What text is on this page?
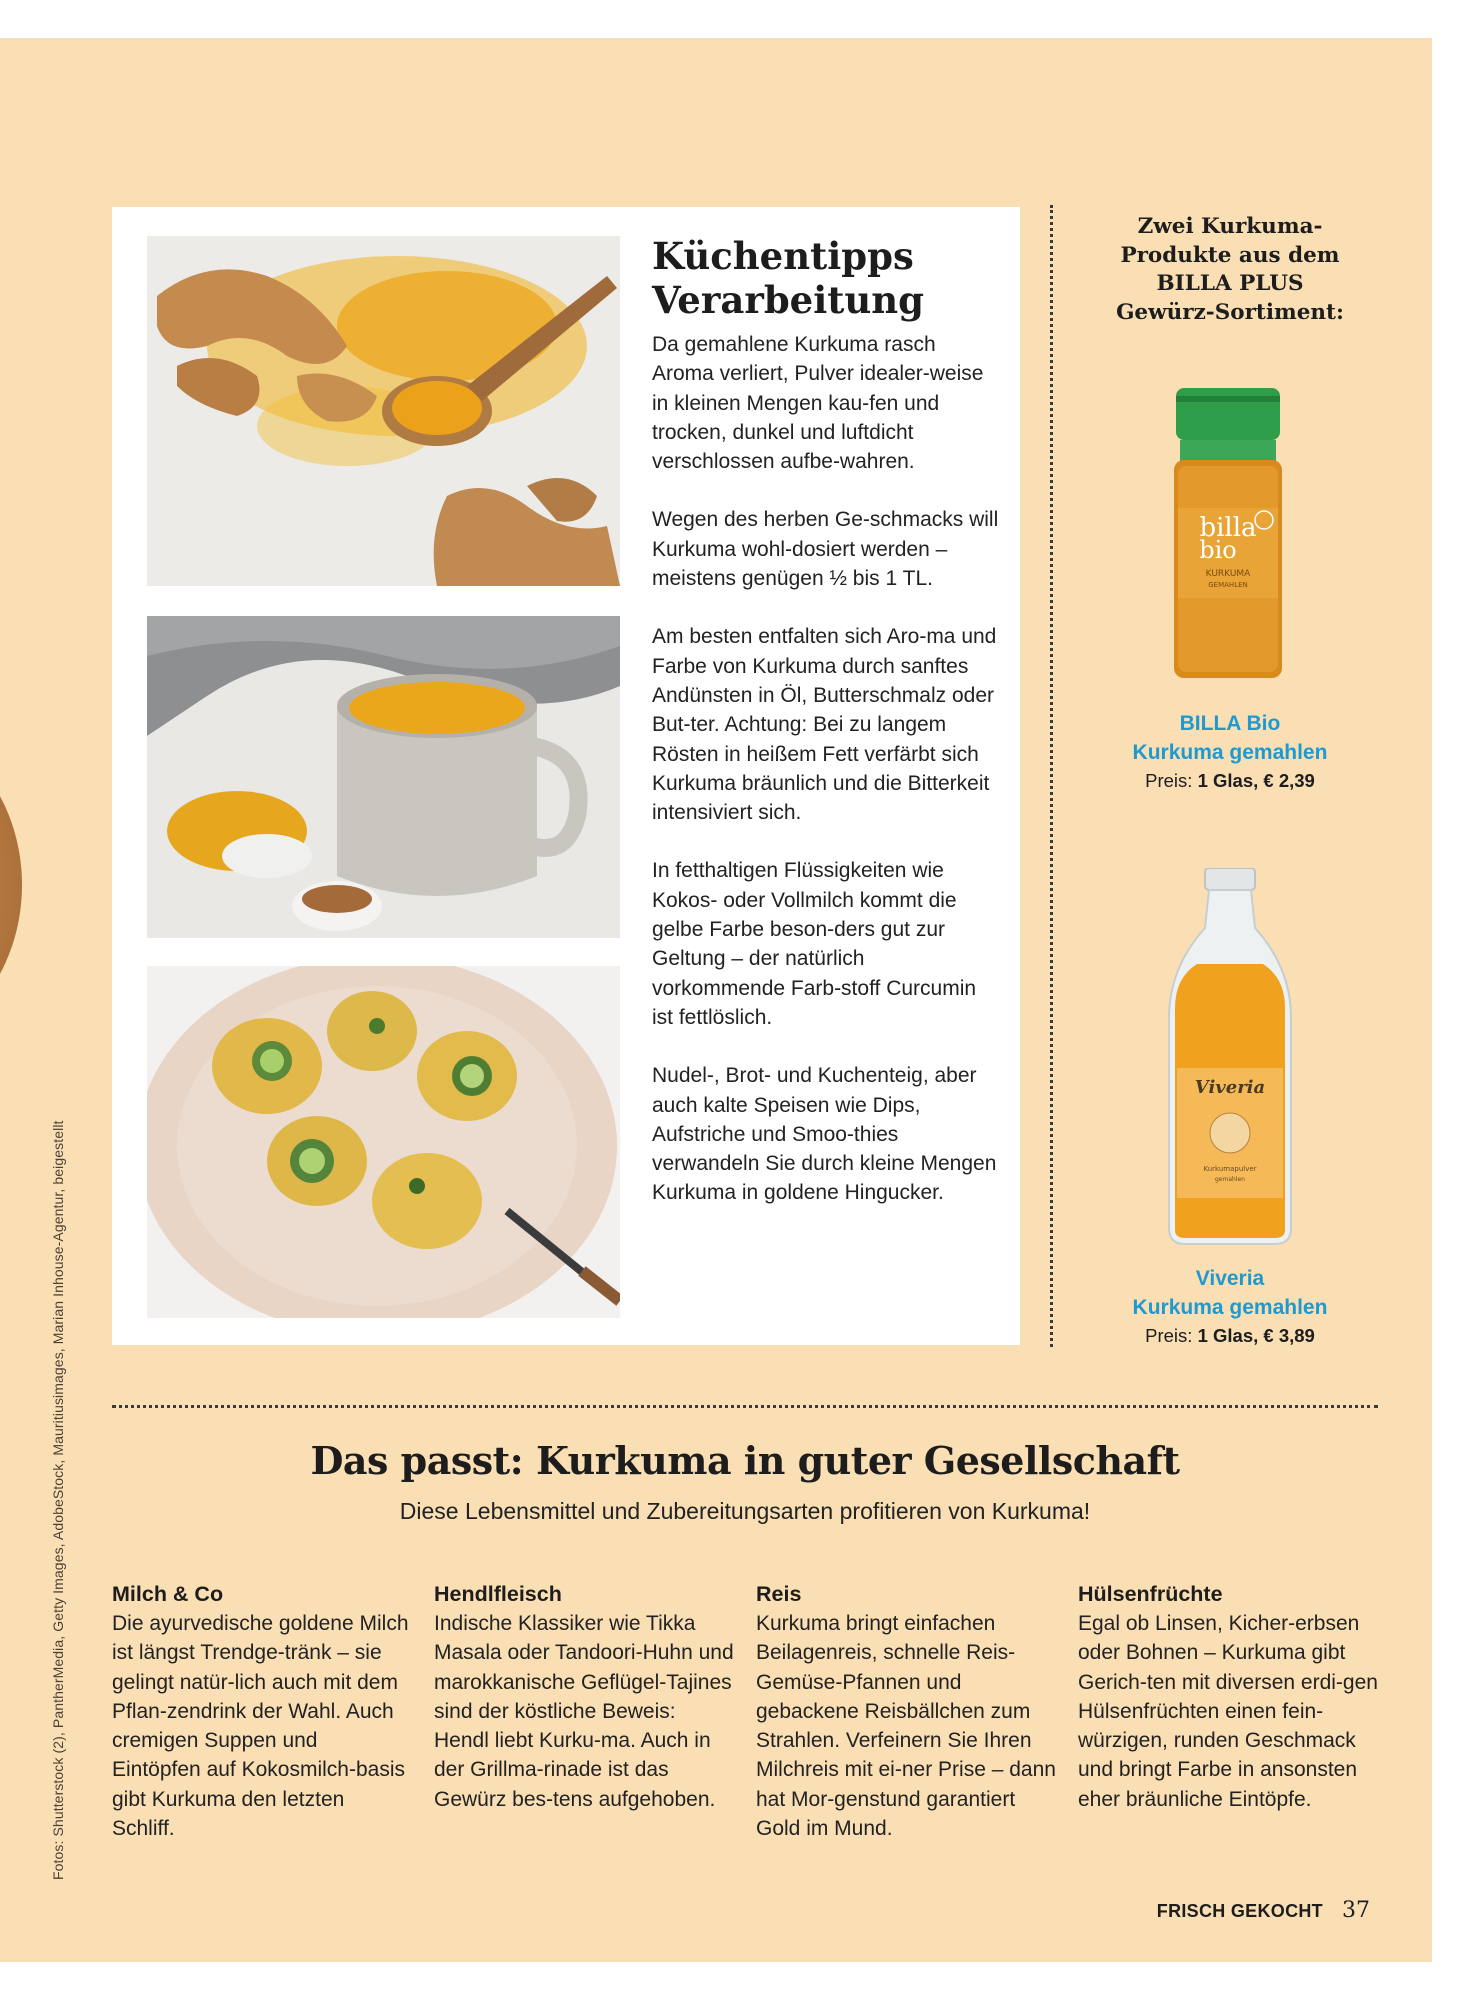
Fotos: Shutterstock (2), PantherMedia, Getty Images, AdobeStock, Mauritiusimages, Marian Inhouse-Agentur, beigestellt
Küchentipps
Verarbeitung

Da gemahlene Kurkuma rasch Aroma verliert, Pulver idealer-weise in kleinen Mengen kau-fen und trocken, dunkel und luftdicht verschlossen aufbe-wahren.

Wegen des herben Ge-schmacks will Kurkuma wohl-dosiert werden – meistens genügen ½ bis 1 TL.

Am besten entfalten sich Aro-ma und Farbe von Kurkuma durch sanftes Andünsten in Öl, Butterschmalz oder But-ter. Achtung: Bei zu langem Rösten in heißem Fett verfärbt sich Kurkuma bräunlich und die Bitterkeit intensiviert sich.

In fetthaltigen Flüssigkeiten wie Kokos- oder Vollmilch kommt die gelbe Farbe beson-ders gut zur Geltung – der natürlich vorkommende Farb-stoff Curcumin ist fettlöslich.

Nudel-, Brot- und Kuchenteig, aber auch kalte Speisen wie Dips, Aufstriche und Smoo-thies verwandeln Sie durch kleine Mengen Kurkuma in goldene Hingucker.

Zwei Kurkuma-
Produkte aus dem
BILLA PLUS
Gewürz-Sortiment:
billa
bio
KURKUMA
GEMAHLEN
BILLA Bio
Kurkuma gemahlen
Preis: 1 Glas, € 2,39
Viveria
Kurkumapulver
gemahlen
Viveria
Kurkuma gemahlen
Preis: 1 Glas, € 3,89
Das passt: Kurkuma in guter Gesellschaft
Diese Lebensmittel und Zubereitungsarten profitieren von Kurkuma!
Milch & Co

Die ayurvedische goldene Milch ist längst Trendge-tränk – sie gelingt natür-lich auch mit dem Pflan-zendrink der Wahl. Auch cremigen Suppen und Eintöpfen auf Kokosmilch-basis gibt Kurkuma den letzten Schliff.

Hendlfleisch

Indische Klassiker wie Tikka Masala oder Tandoori-Huhn und marokkanische Geflügel-Tajines sind der köstliche Beweis: Hendl liebt Kurku-ma. Auch in der Grillma-rinade ist das Gewürz bes-tens aufgehoben.

Reis

Kurkuma bringt einfachen Beilagenreis, schnelle Reis-Gemüse-Pfannen und gebackene Reisbällchen zum Strahlen. Verfeinern Sie Ihren Milchreis mit ei-ner Prise – dann hat Mor-genstund garantiert Gold im Mund.

Hülsenfrüchte

Egal ob Linsen, Kicher-erbsen oder Bohnen – Kurkuma gibt Gerich-ten mit diversen erdi-gen Hülsenfrüchten einen fein-würzigen, runden Geschmack und bringt Farbe in ansonsten eher bräunliche Eintöpfe.

FRISCH GEKOCHT 37
